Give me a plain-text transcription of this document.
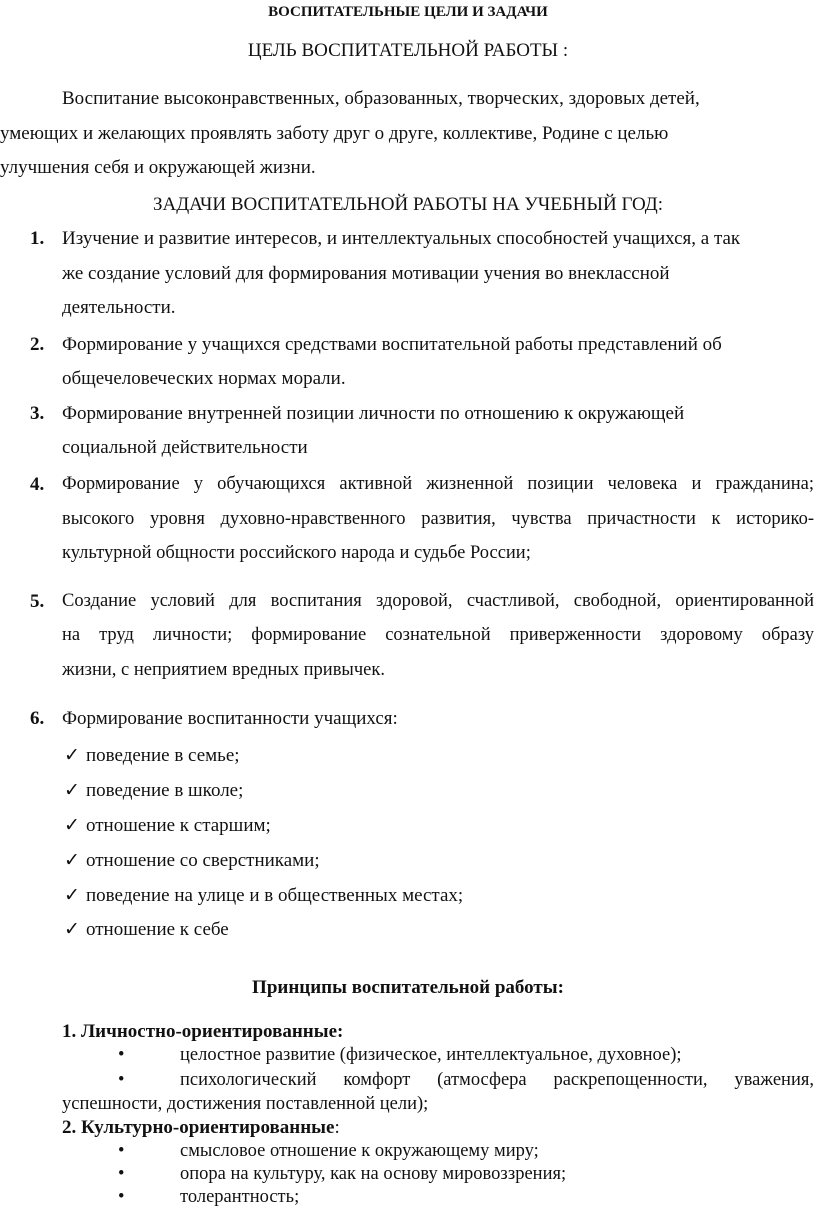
ВОСПИТАТЕЛЬНЫЕ ЦЕЛИ И ЗАДАЧИ
ЦЕЛЬ ВОСПИТАТЕЛЬНОЙ РАБОТЫ :
Воспитание высоконравственных, образованных, творческих, здоровых детей,
умеющих и желающих проявлять заботу друг о друге, коллективе, Родине с целью
улучшения себя и окружающей жизни.
ЗАДАЧИ ВОСПИТАТЕЛЬНОЙ РАБОТЫ НА УЧЕБНЫЙ ГОД:
1. Изучение и развитие интересов, и интеллектуальных способностей учащихся, а так
же создание условий для формирования мотивации учения во внеклассной
деятельности.
2. Формирование у учащихся средствами воспитательной работы представлений об
общечеловеческих нормах морали.
3. Формирование внутренней позиции личности по отношению к окружающей
социальной действительности
4. Формирование у обучающихся активной жизненной позиции человека и гражданина;
высокого уровня духовно-нравственного развития, чувства причастности к историко-
культурной общности российского народа и судьбе России;
5. Создание условий для воспитания здоровой, счастливой, свободной, ориентированной
на труд личности; формирование сознательной приверженности здоровому образу
жизни, с неприятием вредных привычек.
6. Формирование воспитанности учащихся:
✓ поведение в семье;
✓ поведение в школе;
✓ отношение к старшим;
✓ отношение со сверстниками;
✓ поведение на улице и в общественных местах;
✓ отношение к себе
Принципы воспитательной работы:
1. Личностно-ориентированные:
•	целостное развитие (физическое, интеллектуальное, духовное);
•	психологический комфорт (атмосфера раскрепощенности, уважения,
успешности, достижения поставленной цели);
2. Культурно-ориентированные:
•	смысловое отношение к окружающему миру;
•	опора на культуру, как на основу мировоззрения;
•	толерантность;
